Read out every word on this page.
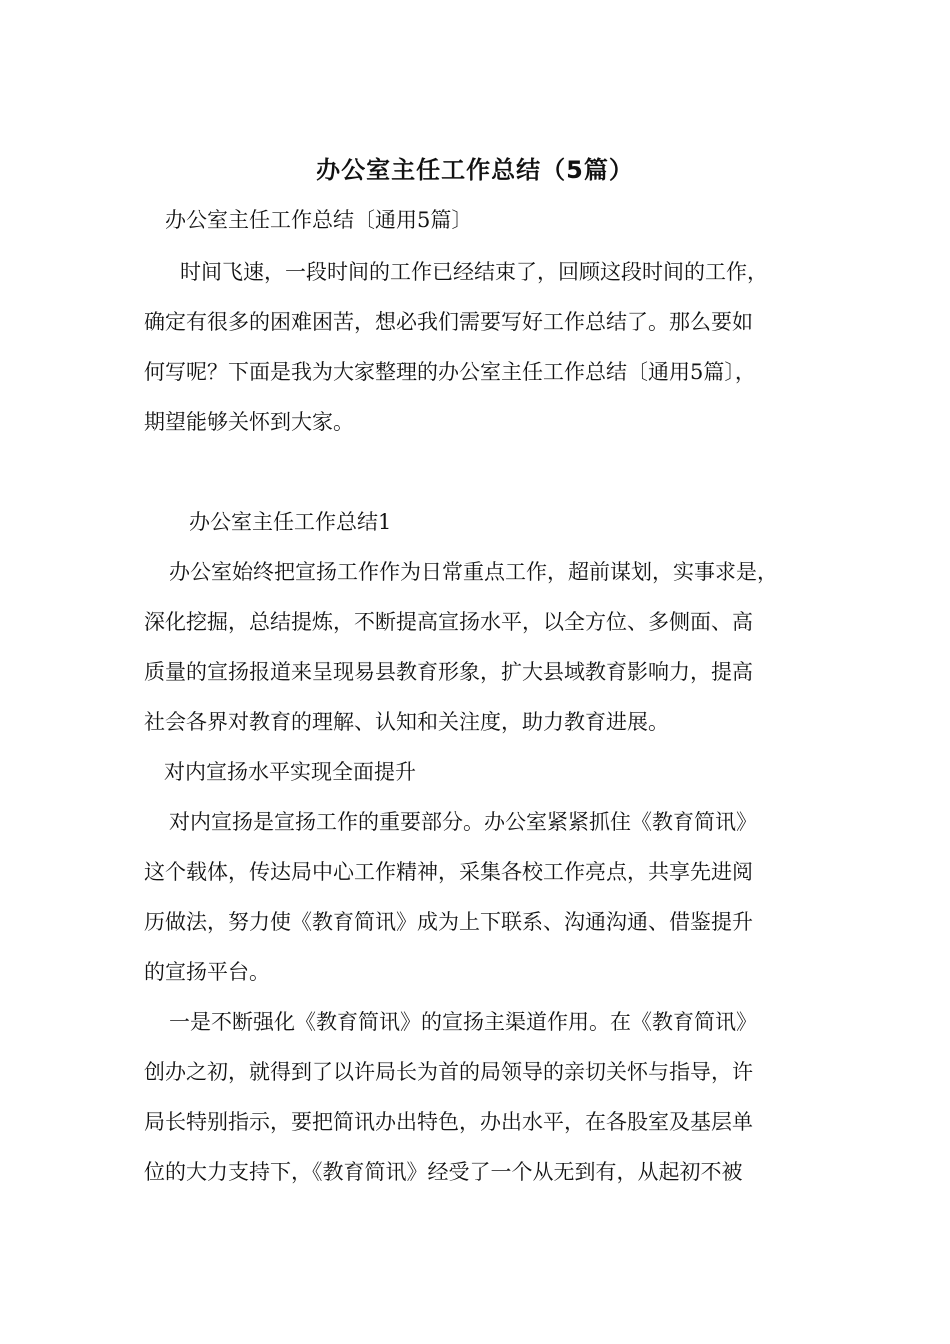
办公室主任工作总结（5篇）
办公室主任工作总结〔通用5篇〕
时间飞速，一段时间的工作已经结束了，回顾这段时间的工作，
确定有很多的困难困苦，想必我们需要写好工作总结了。那么要如
何写呢？下面是我为大家整理的办公室主任工作总结〔通用5篇〕，
期望能够关怀到大家。
办公室主任工作总结1
办公室始终把宣扬工作作为日常重点工作，超前谋划，实事求是，
深化挖掘，总结提炼，不断提高宣扬水平，以全方位、多侧面、高
质量的宣扬报道来呈现易县教育形象，扩大县域教育影响力，提高
社会各界对教育的理解、认知和关注度，助力教育进展。
对内宣扬水平实现全面提升
对内宣扬是宣扬工作的重要部分。办公室紧紧抓住《教育简讯》
这个载体，传达局中心工作精神，采集各校工作亮点，共享先进阅
历做法，努力使《教育简讯》成为上下联系、沟通沟通、借鉴提升
的宣扬平台。
一是不断强化《教育简讯》的宣扬主渠道作用。在《教育简讯》
创办之初，就得到了以许局长为首的局领导的亲切关怀与指导，许
局长特别指示，要把简讯办出特色，办出水平，在各股室及基层单
位的大力支持下，《教育简讯》经受了一个从无到有，从起初不被
